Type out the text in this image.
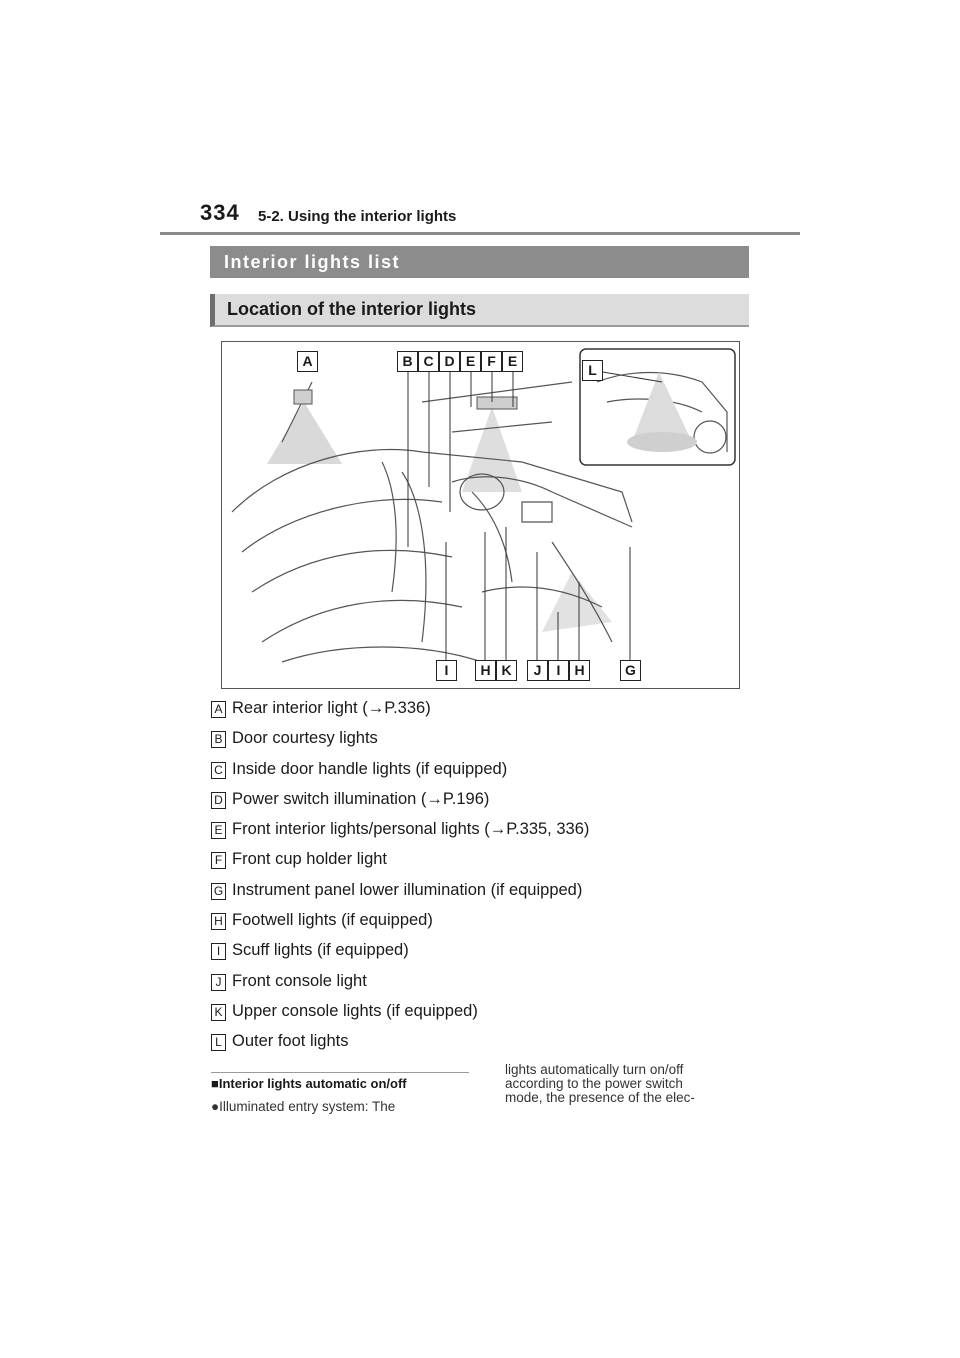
334 5-2. Using the interior lights
Interior lights list
Location of the interior lights
A	B C D E F E
L
I	H K	J	I	H	G
A Rear interior light (→P.336)
B Door courtesy lights
C Inside door handle lights (if equipped)
D Power switch illumination (→P.196)
E Front interior lights/personal lights (→P.335, 336)
F Front cup holder light
G Instrument panel lower illumination (if equipped)
H Footwell lights (if equipped)
I Scuff lights (if equipped)
J Front console light
K Upper console lights (if equipped)
L Outer foot lights
■Interior lights automatic on/off
●Illuminated entry system: The
lights automatically turn on/off
according to the power switch
mode, the presence of the elec-
